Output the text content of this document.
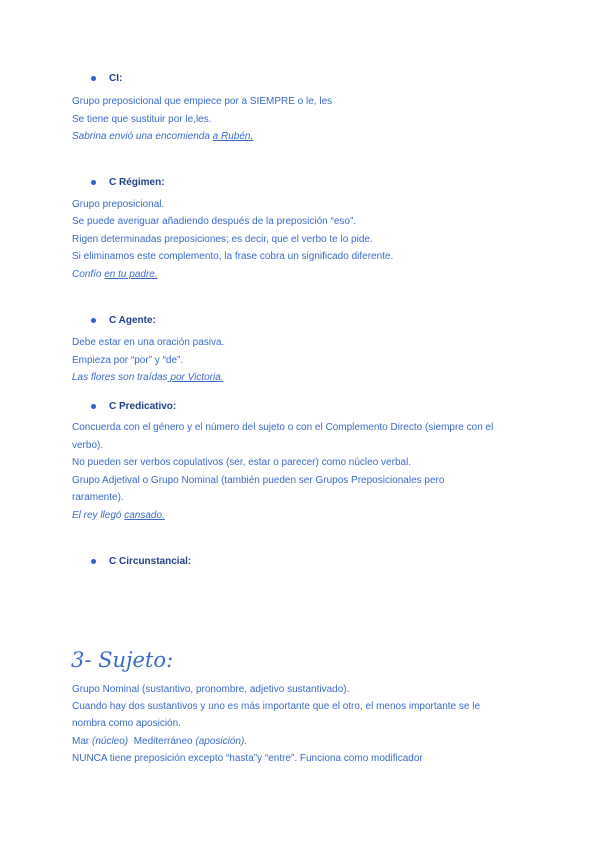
CI:
Grupo preposicional que empiece por a SIEMPRE o le, les
Se tiene que sustituir por le,les.
Sabrina envió una encomienda a Rubén.
C Régimen:
Grupo preposicional.
Se puede averiguar añadiendo después de la preposición “eso”.
Rigen determinadas preposiciones; es decir, que el verbo te lo pide.
Si eliminamos este complemento, la frase cobra un significado diferente.
Confío en tu padre.
C Agente:
Debe estar en una oración pasiva.
Empieza por “por” y “de”.
Las flores son traídas por Victoria.
C Predicativo:
Concuerda con el género y el número del sujeto o con el Complemento Directo (siempre con el
verbo).
No pueden ser verbos copulativos (ser, estar o parecer) como núcleo verbal.
Grupo Adjetival o Grupo Nominal (también pueden ser Grupos Preposicionales pero
raramente).
El rey llegó cansado.
C Circunstancial:
3- Sujeto:
Grupo Nominal (sustantivo, pronombre, adjetivo sustantivado).
Cuando hay dos sustantivos y uno es más importante que el otro, el menos importante se le
nombra como aposición.
Mar (núcleo)  Mediterráneo (aposición).
NUNCA tiene preposición excepto “hasta”y “entre”. Funciona como modificador
